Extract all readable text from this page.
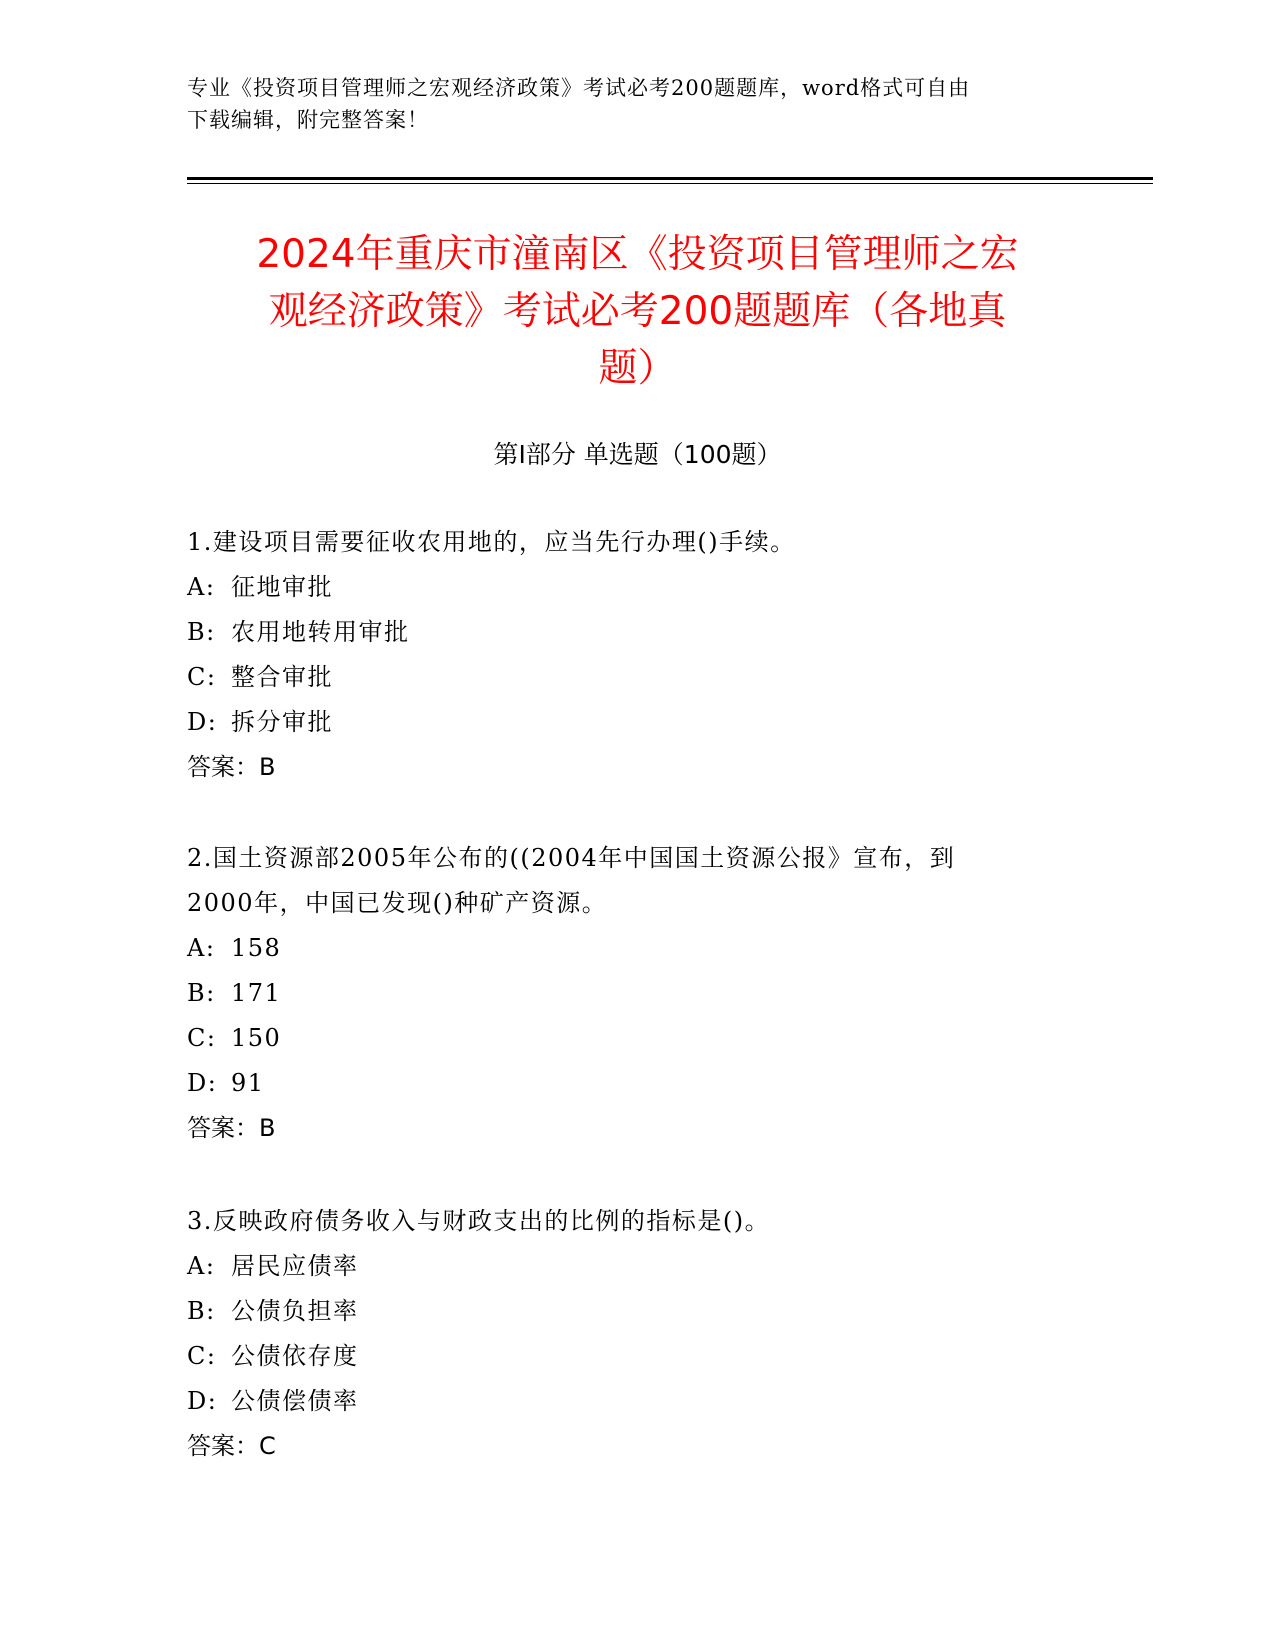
专业《投资项目管理师之宏观经济政策》考试必考200题题库，word格式可自由
下载编辑，附完整答案！
2024年重庆市潼南区《投资项目管理师之宏
观经济政策》考试必考200题题库（各地真
题）
第Ⅰ部分 单选题（100题）
1.建设项目需要征收农用地的，应当先行办理()手续。
A: 征地审批
B: 农用地转用审批
C: 整合审批
D: 拆分审批
答案：B
2.国土资源部2005年公布的((2004年中国国土资源公报》宣布，到
2000年，中国已发现()种矿产资源。
A: 158
B: 171
C: 150
D: 91
答案：B
3.反映政府债务收入与财政支出的比例的指标是()。
A: 居民应债率
B: 公债负担率
C: 公债依存度
D: 公债偿债率
答案：C
